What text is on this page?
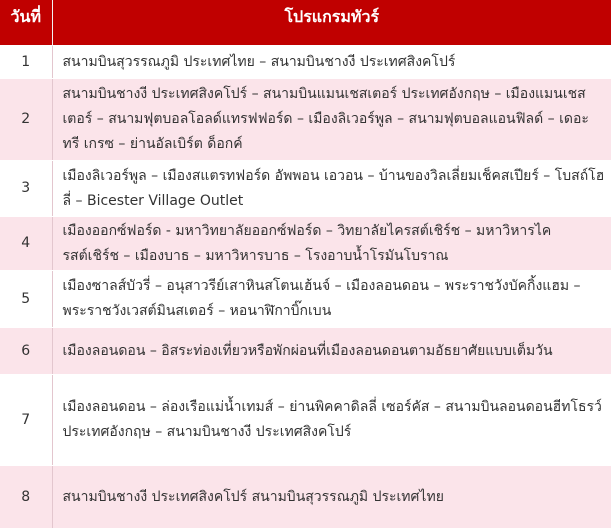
วันที่	โปรแกรมทัวร์
1	สนามบินสุวรรณภูมิ ประเทศไทย – สนามบินชางงี ประเทศสิงคโปร์
2	สนามบินชางงี ประเทศสิงคโปร์ – สนามบินแมนเชสเตอร์ ประเทศอังกฤษ – เมืองแมนเชสเตอร์ – สนามฟุตบอลโอลด์แทรฟฟอร์ด – เมืองลิเวอร์พูล – สนามฟุตบอลแอนฟิลด์ – เดอะ ทรี เกรซ – ย่านอัลเบิร์ต ด็อกค์
3	เมืองลิเวอร์พูล – เมืองสแตรทฟอร์ด อัพพอน เอวอน – บ้านของวิลเลี่ยมเช็คสเปียร์ – โบสถ์โฮลี่ – Bicester Village Outlet
4	เมืองออกซ์ฟอร์ด - มหาวิทยาลัยออกซ์ฟอร์ด – วิทยาลัยไครสต์เชิร์ช – มหาวิหารไครสต์เชิร์ช – เมืองบาธ – มหาวิหารบาธ – โรงอาบน้ำโรมันโบราณ
5	เมืองซาลส์บัวรี่ – อนุสาวรีย์เสาหินสโตนเฮ้นจ์ – เมืองลอนดอน – พระราชวังบัคกิ้งแฮม – พระราชวังเวสต์มินสเตอร์ – หอนาฬิกาบิ๊กเบน
6	เมืองลอนดอน – อิสระท่องเที่ยวหรือพักผ่อนที่เมืองลอนดอนตามอัธยาศัยแบบเต็มวัน
7	เมืองลอนดอน – ล่องเรือแม่น้ำเทมส์ – ย่านพิคคาดิลลี่ เซอร์คัส – สนามบินลอนดอนฮีทโธรว์ ประเทศอังกฤษ – สนามบินชางงี ประเทศสิงคโปร์
8	สนามบินชางงี ประเทศสิงคโปร์ สนามบินสุวรรณภูมิ ประเทศไทย
